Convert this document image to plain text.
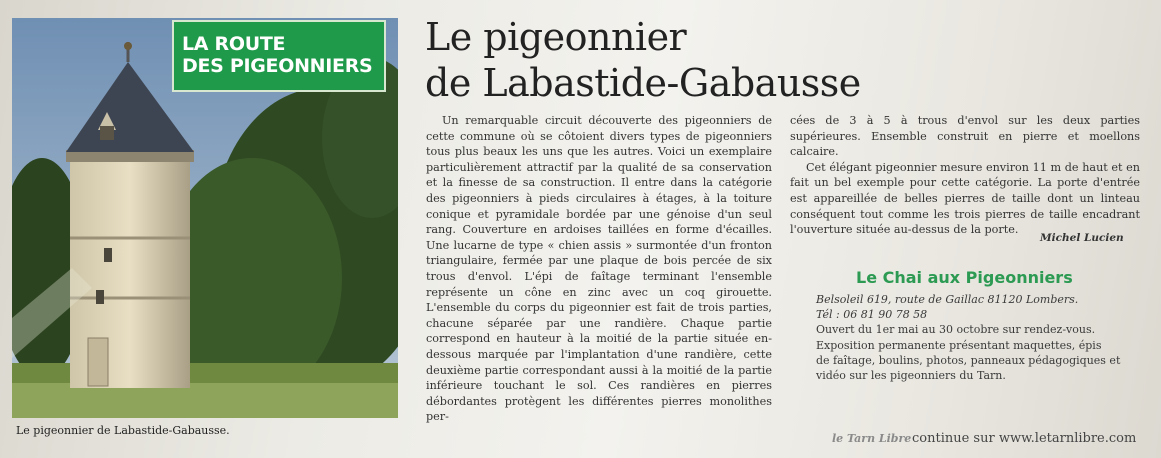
LA ROUTE
DES PIGEONNIERS
Le pigeonnier de Labastide-Gabausse.
Le pigeonnier
de Labastide-Gabausse

Un remarquable circuit découverte des pigeonniers de cette commune où se côtoient divers types de pigeonniers tous plus beaux les uns que les autres. Voici un exemplaire particulièrement attractif par la qualité de sa conservation et la finesse de sa construction. Il entre dans la catégorie des pigeonniers à pieds circulaires à étages, à la toiture conique et pyramidale bordée par une génoise d'un seul rang. Couverture en ardoises taillées en forme d'écailles. Une lucarne de type « chien assis » surmontée d'un fronton triangulaire, fermée par une plaque de bois percée de six trous d'envol. L'épi de faîtage terminant l'ensemble représente un cône en zinc avec un coq girouette. L'ensemble du corps du pigeonnier est fait de trois parties, chacune séparée par une randière. Chaque partie correspond en hauteur à la moitié de la partie située en-dessous marquée par l'implantation d'une randière, cette deuxième partie correspondant aussi à la moitié de la partie inférieure touchant le sol. Ces randières en pierres débordantes protègent les différentes pierres monolithes per-

cées de 3 à 5 à trous d'envol sur les deux parties supérieures. Ensemble construit en pierre et moellons calcaire.

Cet élégant pigeonnier mesure environ 11 m de haut et en fait un bel exemple pour cette catégorie. La porte d'entrée est appareillée de belles pierres de taille dont un linteau conséquent tout comme les trois pierres de taille encadrant l'ouverture située au-dessus de la porte.

Michel Lucien
Le Chai aux Pigeonniers
Belsoleil 619, route de Gaillac 81120 Lombers.
Tél : 06 81 90 78 58
Ouvert du 1er mai au 30 octobre sur rendez-vous.
Exposition permanente présentant maquettes, épis
de faîtage, boulins, photos, panneaux pédagogiques et
vidéo sur les pigeonniers du Tarn.
le Tarn Libre continue sur www.letarnlibre.com
